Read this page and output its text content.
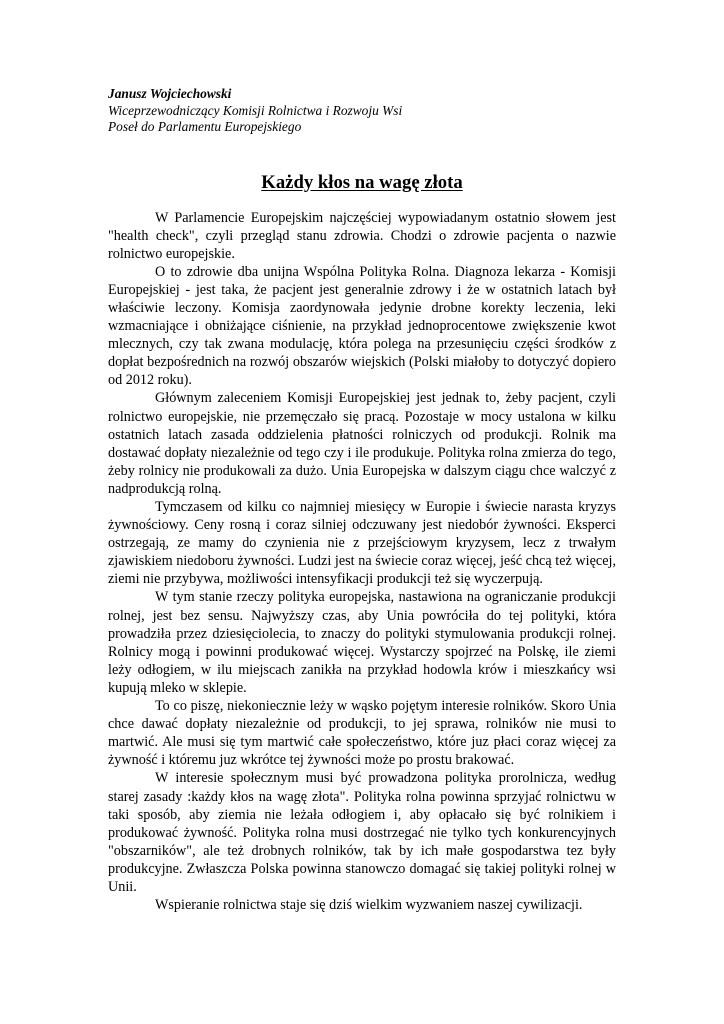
Janusz Wojciechowski
Wiceprzewodniczący Komisji Rolnictwa i Rozwoju Wsi
Poseł do Parlamentu Europejskiego
Każdy kłos na wagę złota

W Parlamencie Europejskim najczęściej wypowiadanym ostatnio słowem jest "health check", czyli przegląd stanu zdrowia. Chodzi o zdrowie pacjenta o nazwie rolnictwo europejskie.

O to zdrowie dba unijna Wspólna Polityka Rolna. Diagnoza lekarza - Komisji Europejskiej - jest taka, że pacjent jest generalnie zdrowy i że w ostatnich latach był właściwie leczony. Komisja zaordynowała jedynie drobne korekty leczenia, leki wzmacniające i obniżające ciśnienie, na przykład jednoprocentowe zwiększenie kwot mlecznych, czy tak zwana modulację, która polega na przesunięciu części środków z dopłat bezpośrednich na rozwój obszarów wiejskich (Polski miałoby to dotyczyć dopiero od 2012 roku).

Głównym zaleceniem Komisji Europejskiej jest jednak to, żeby pacjent, czyli rolnictwo europejskie, nie przemęczało się pracą. Pozostaje w mocy ustalona w kilku ostatnich latach zasada oddzielenia płatności rolniczych od produkcji. Rolnik ma dostawać dopłaty niezależnie od tego czy i ile produkuje. Polityka rolna zmierza do tego, żeby rolnicy nie produkowali za dużo. Unia Europejska w dalszym ciągu chce walczyć z nadprodukcją rolną.

Tymczasem od kilku co najmniej miesięcy w Europie i świecie narasta kryzys żywnościowy. Ceny rosną i coraz silniej odczuwany jest niedobór żywności. Eksperci ostrzegają, ze mamy do czynienia nie z przejściowym kryzysem, lecz z trwałym zjawiskiem niedoboru żywności. Ludzi jest na świecie coraz więcej, jeść chcą też więcej, ziemi nie przybywa, możliwości intensyfikacji produkcji też się wyczerpują.

W tym stanie rzeczy polityka europejska, nastawiona na ograniczanie produkcji rolnej, jest bez sensu. Najwyższy czas, aby Unia powróciła do tej polityki, która prowadziła przez dziesięciolecia, to znaczy do polityki stymulowania produkcji rolnej. Rolnicy mogą i powinni produkować więcej. Wystarczy spojrzeć na Polskę, ile ziemi leży odłogiem, w ilu miejscach zanikła na przykład hodowla krów i mieszkańcy wsi kupują mleko w sklepie.

To co piszę, niekoniecznie leży w wąsko pojętym interesie rolników. Skoro Unia chce dawać dopłaty niezależnie od produkcji, to jej sprawa, rolników nie musi to martwić. Ale musi się tym martwić całe społeczeństwo, które juz płaci coraz więcej za żywność i któremu juz wkrótce tej żywności może po prostu brakować.

W interesie społecznym musi być prowadzona polityka prorolnicza, według starej zasady :każdy kłos na wagę złota". Polityka rolna powinna sprzyjać rolnictwu w taki sposób, aby ziemia nie leżała odłogiem i, aby opłacało się być rolnikiem i produkować żywność. Polityka rolna musi dostrzegać nie tylko tych konkurencyjnych "obszarników", ale też drobnych rolników, tak by ich małe gospodarstwa tez były produkcyjne. Zwłaszcza Polska powinna stanowczo domagać się takiej polityki rolnej w Unii.

Wspieranie rolnictwa staje się dziś wielkim wyzwaniem naszej cywilizacji.
